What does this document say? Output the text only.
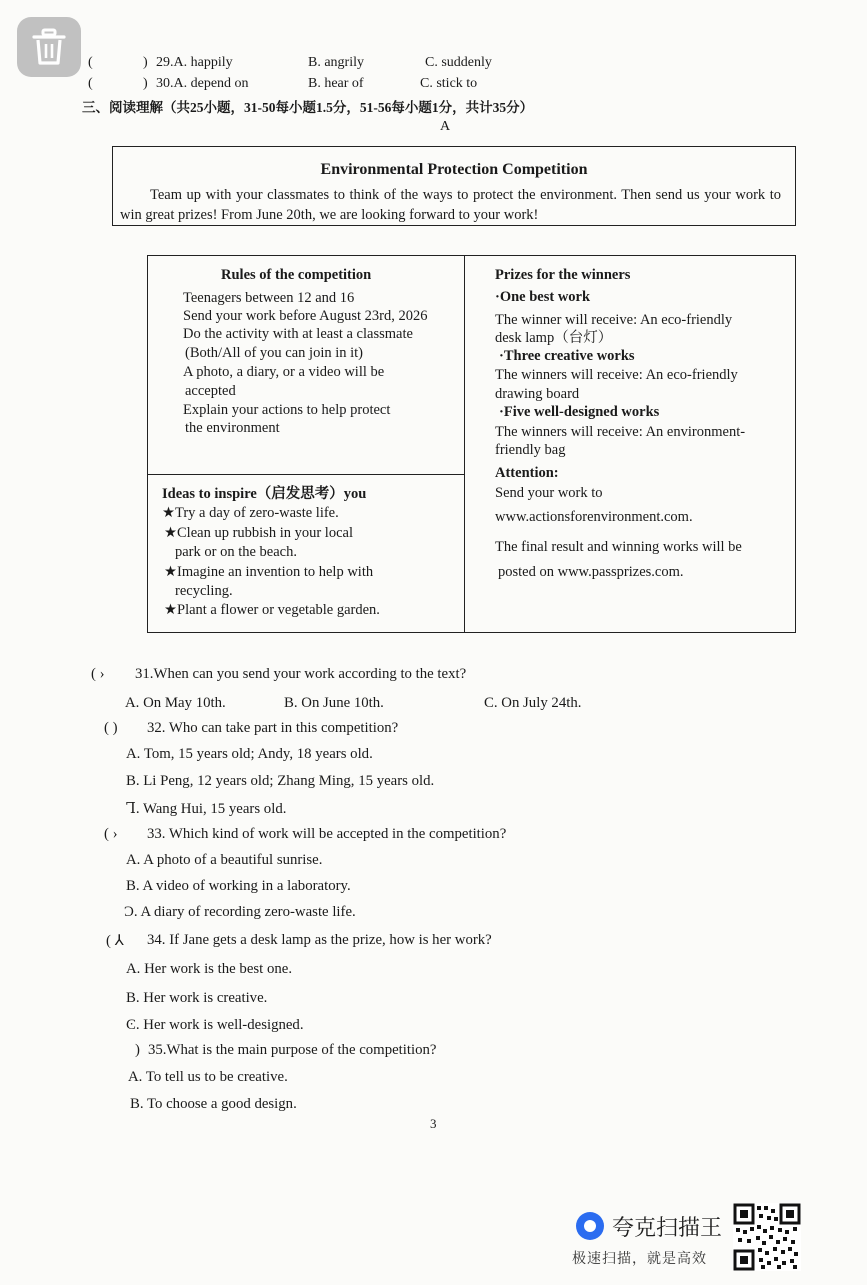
(	) 29.A. happily	B. angrily	C. suddenly
(	) 30.A. depend on	B. hear of	C. stick to
三、阅读理解（共25小题，31-50每小题1.5分，51-56每小题1分，共计35分）
A
Environmental Protection Competition
Team up with your classmates to think of the ways to protect the environment. Then send us your work to win great prizes! From June 20th, we are looking forward to your work!
Rules of the competition
Teenagers between 12 and 16
Send your work before August 23rd, 2026
Do the activity with at least a classmate
(Both/All of you can join in it)
A photo, a diary, or a video will be
accepted
Explain your actions to help protect
the environment
Ideas to inspire（启发思考）you
★Try a day of zero-waste life.
★Clean up rubbish in your local
park or on the beach.
★Imagine an invention to help with
recycling.
★Plant a flower or vegetable garden.
Prizes for the winners
·One best work
The winner will receive: An eco-friendly
desk lamp（台灯）
·Three creative works
The winners will receive: An eco-friendly
drawing board
·Five well-designed works
The winners will receive: An environment-
friendly bag
Attention:
Send your work to
www.actionsforenvironment.com.
The final result and winning works will be
posted on www.passprizes.com.
( › 31.When can you send your work according to the text?
A. On May 10th.	B. On June 10th.	C. On July 24th.
( ) 32. Who can take part in this competition?
A. Tom, 15 years old; Andy, 18 years old.
B. Li Peng, 12 years old; Zhang Ming, 15 years old.
Ꞁ. Wang Hui, 15 years old.
( › 33. Which kind of work will be accepted in the competition?
A. A photo of a beautiful sunrise.
B. A video of working in a laboratory.
Ɔ. A diary of recording zero-waste life.
( ⅄ 34. If Jane gets a desk lamp as the prize, how is her work?
A. Her work is the best one.
B. Her work is creative.
Ͼ. Her work is well-designed.
) 35.What is the main purpose of the competition?
A. To tell us to be creative.
B. To choose a good design.
3
夸克扫描王
极速扫描，就是高效
